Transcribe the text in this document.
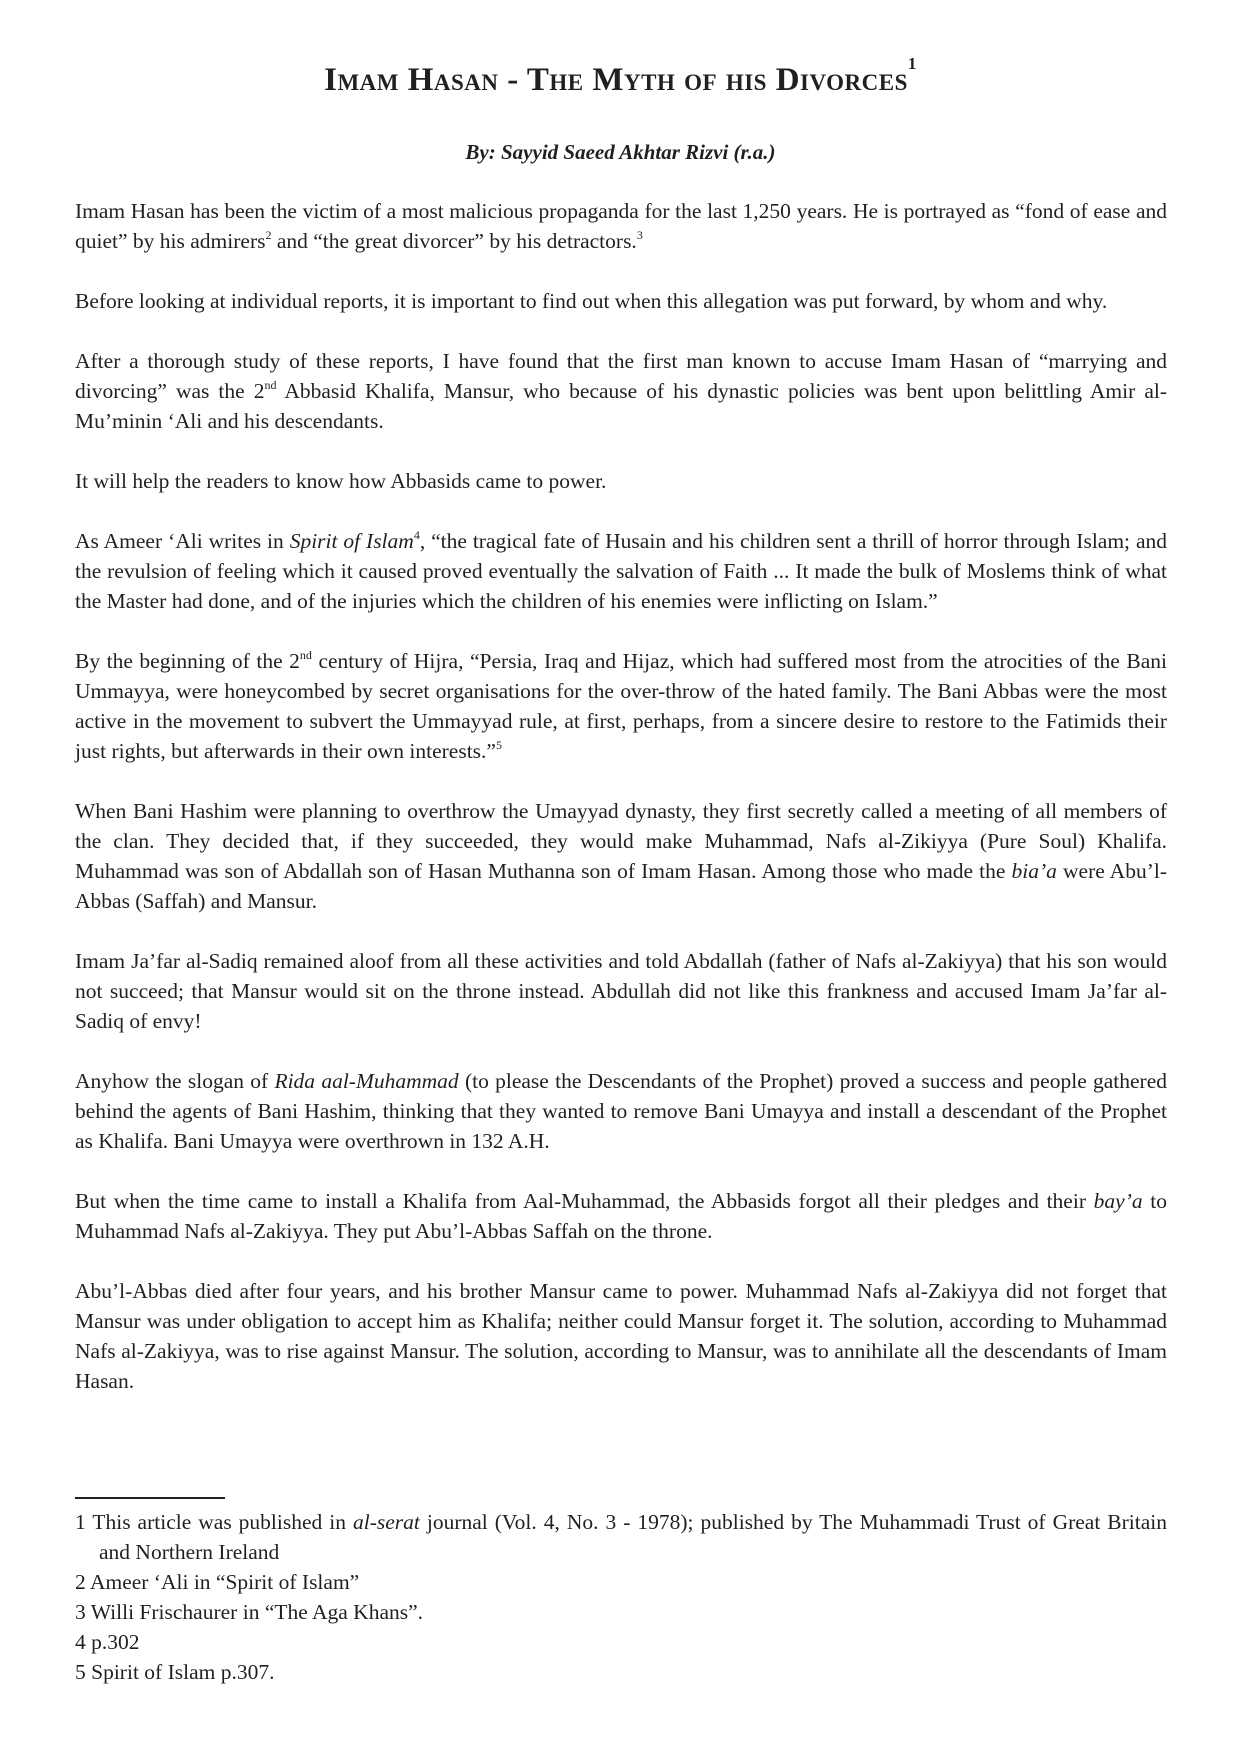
Imam Hasan - The Myth of his Divorces$^1$
By: Sayyid Saeed Akhtar Rizvi (r.a.)

Imam Hasan has been the victim of a most malicious propaganda for the last 1,250 years. He is portrayed as “fond of ease and quiet” by his admirers$^2$ and “the great divorcer” by his detractors.$^3$

Before looking at individual reports, it is important to find out when this allegation was put forward, by whom and why.

After a thorough study of these reports, I have found that the first man known to accuse Imam Hasan of “marrying and divorcing” was the 2nd Abbasid Khalifa, Mansur, who because of his dynastic policies was bent upon belittling Amir al-Mu’minin ‘Ali and his descendants.

It will help the readers to know how Abbasids came to power.

As Ameer ‘Ali writes in Spirit of Islam$^4$, “the tragical fate of Husain and his children sent a thrill of horror through Islam; and the revulsion of feeling which it caused proved eventually the salvation of Faith ... It made the bulk of Moslems think of what the Master had done, and of the injuries which the children of his enemies were inflicting on Islam.”

By the beginning of the 2nd century of Hijra, “Persia, Iraq and Hijaz, which had suffered most from the atrocities of the Bani Ummayya, were honeycombed by secret organisations for the over-throw of the hated family. The Bani Abbas were the most active in the movement to subvert the Ummayyad rule, at first, perhaps, from a sincere desire to restore to the Fatimids their just rights, but afterwards in their own interests.”$^5$

When Bani Hashim were planning to overthrow the Umayyad dynasty, they first secretly called a meeting of all members of the clan. They decided that, if they succeeded, they would make Muhammad, Nafs al-Zikiyya (Pure Soul) Khalifa. Muhammad was son of Abdallah son of Hasan Muthanna son of Imam Hasan. Among those who made the bia’a were Abu’l-Abbas (Saffah) and Mansur.

Imam Ja’far al-Sadiq remained aloof from all these activities and told Abdallah (father of Nafs al-Zakiyya) that his son would not succeed; that Mansur would sit on the throne instead. Abdullah did not like this frankness and accused Imam Ja’far al-Sadiq of envy!

Anyhow the slogan of Rida aal-Muhammad (to please the Descendants of the Prophet) proved a success and people gathered behind the agents of Bani Hashim, thinking that they wanted to remove Bani Umayya and install a descendant of the Prophet as Khalifa. Bani Umayya were overthrown in 132 A.H.

But when the time came to install a Khalifa from Aal-Muhammad, the Abbasids forgot all their pledges and their bay’a to Muhammad Nafs al-Zakiyya. They put Abu’l-Abbas Saffah on the throne.

Abu’l-Abbas died after four years, and his brother Mansur came to power. Muhammad Nafs al-Zakiyya did not forget that Mansur was under obligation to accept him as Khalifa; neither could Mansur forget it. The solution, according to Muhammad Nafs al-Zakiyya, was to rise against Mansur. The solution, according to Mansur, was to annihilate all the descendants of Imam Hasan.

1 This article was published in al-serat journal (Vol. 4, No. 3 - 1978); published by The Muhammadi Trust of Great Britain and Northern Ireland
2 Ameer ‘Ali in “Spirit of Islam”
3 Willi Frischaurer in “The Aga Khans”.
4 p.302
5 Spirit of Islam p.307.
